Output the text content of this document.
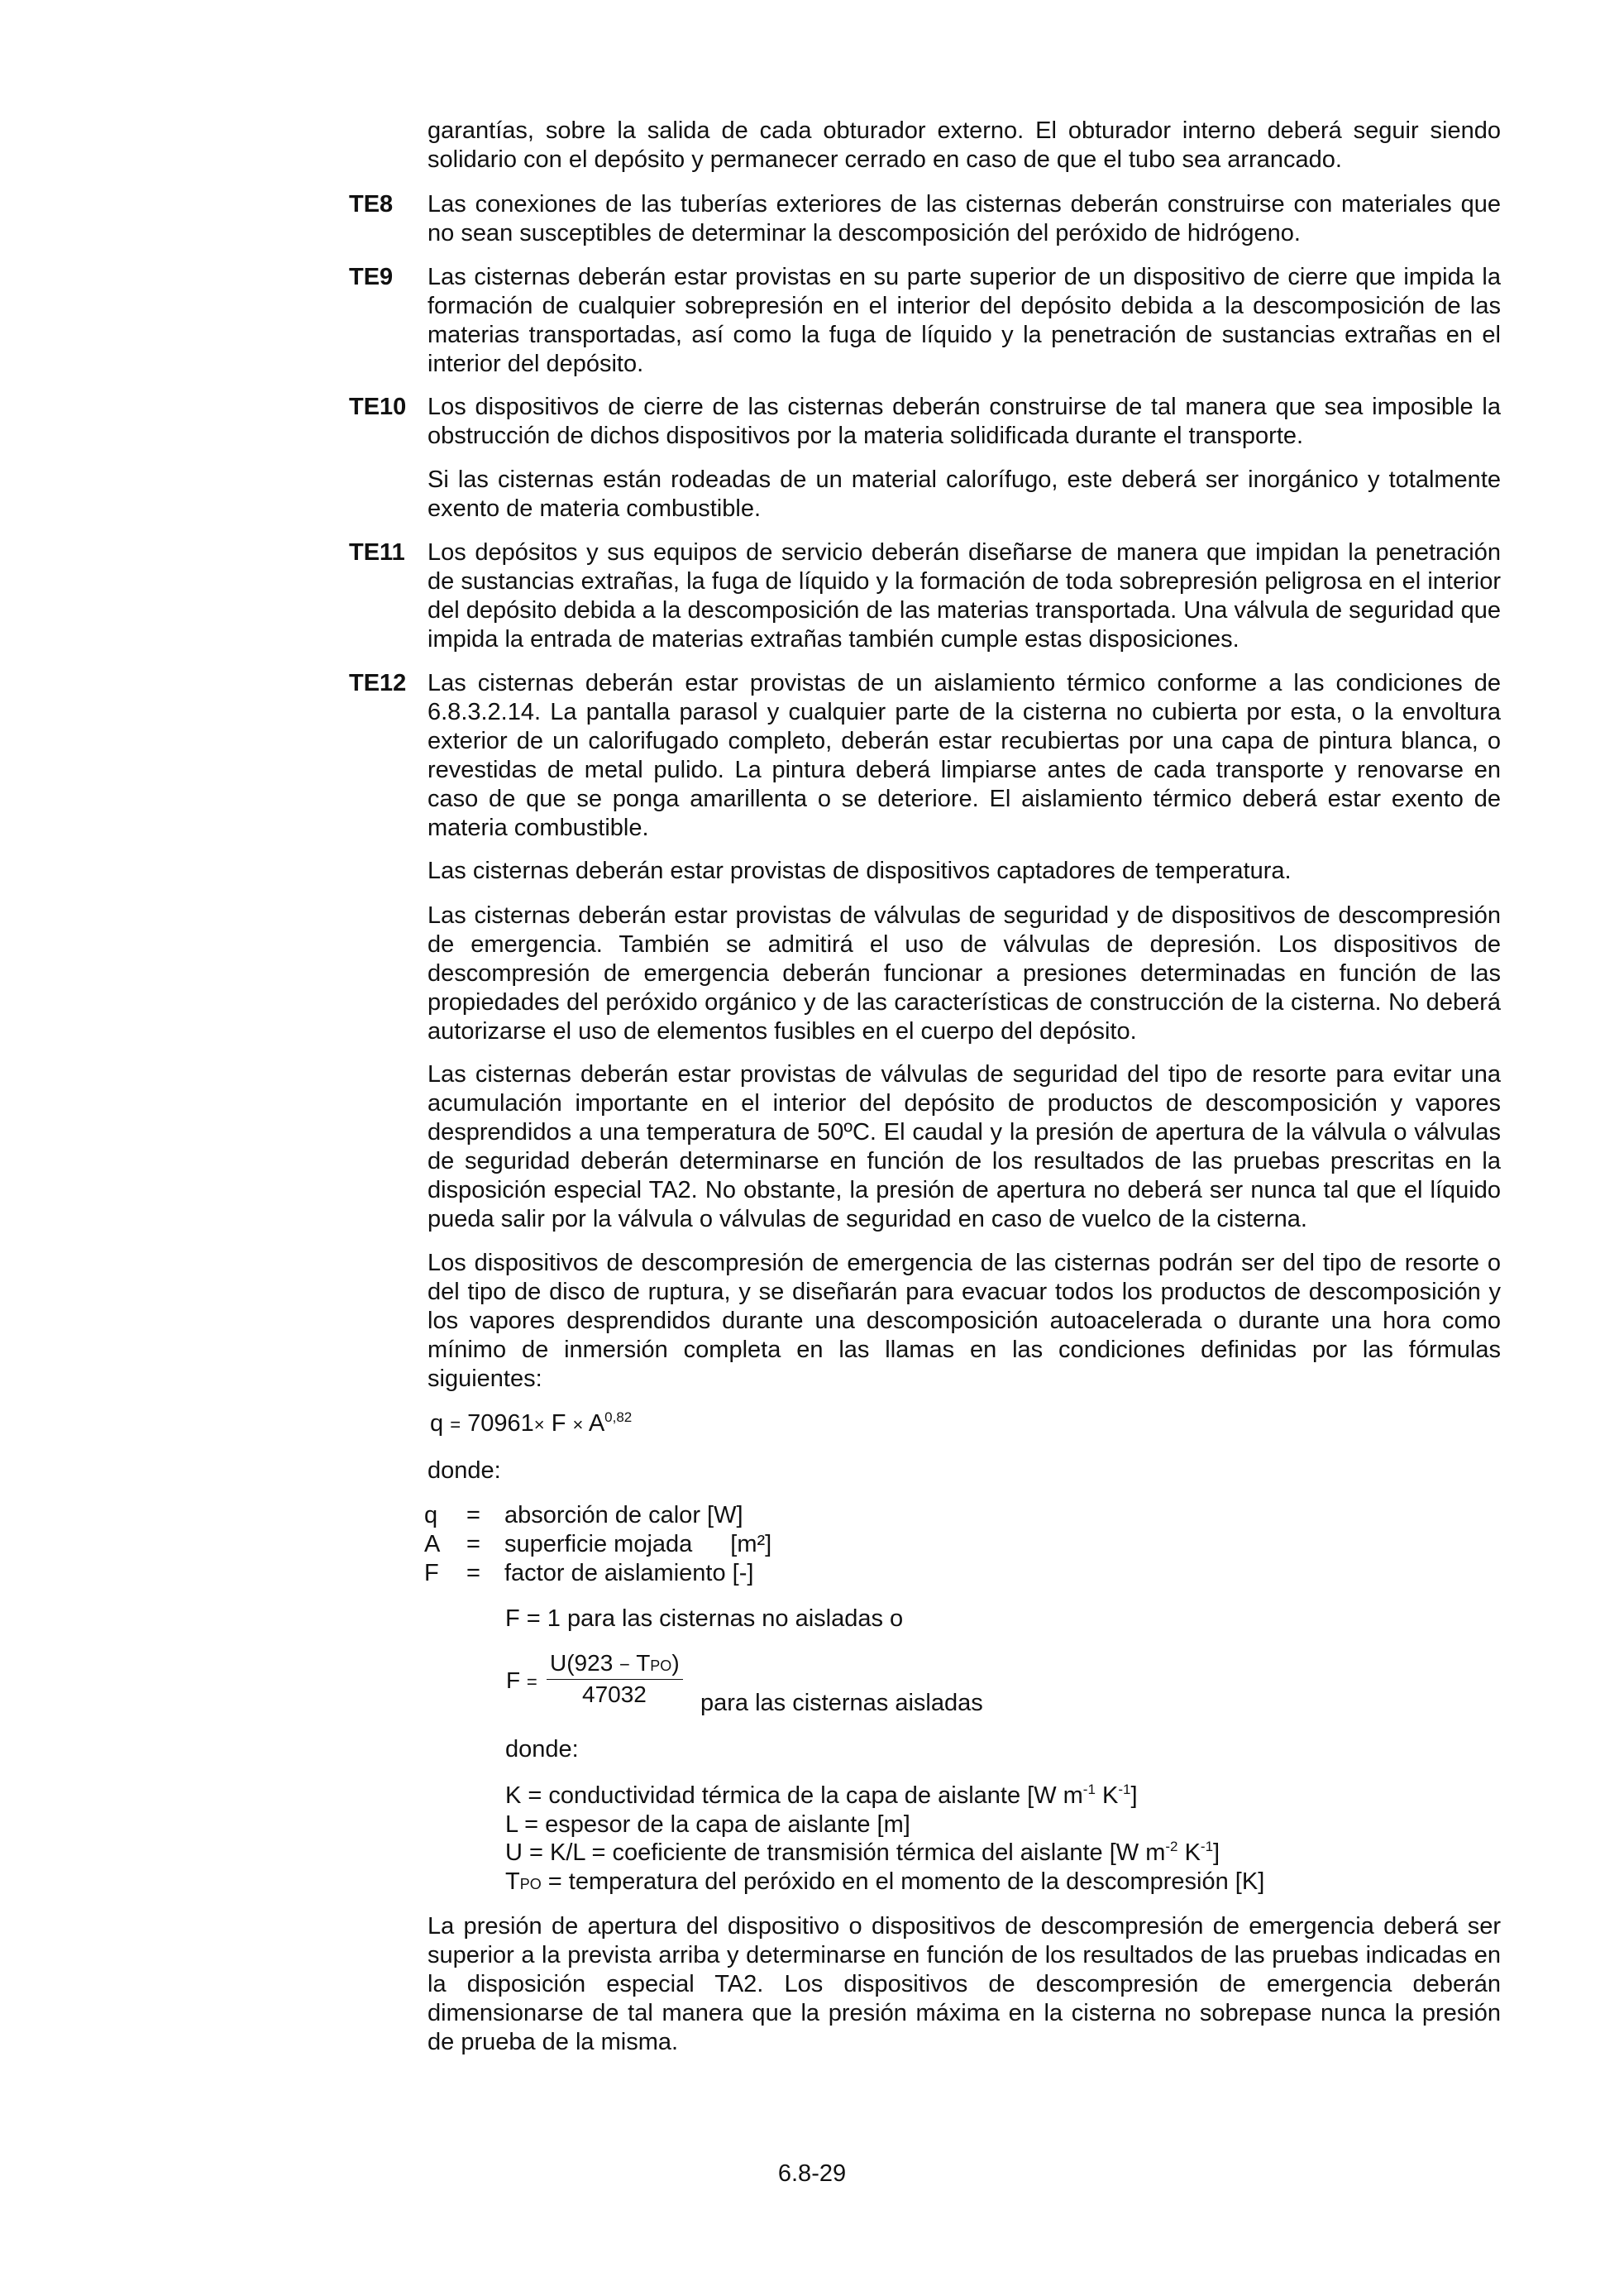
garantías, sobre la salida de cada obturador externo. El obturador interno deberá seguir siendo solidario con el depósito y permanecer cerrado en caso de que el tubo sea arrancado.

TE8 Las conexiones de las tuberías exteriores de las cisternas deberán construirse con materiales que no sean susceptibles de determinar la descomposición del peróxido de hidrógeno.

TE9 Las cisternas deberán estar provistas en su parte superior de un dispositivo de cierre que impida la formación de cualquier sobrepresión en el interior del depósito debida a la descomposición de las materias transportadas, así como la fuga de líquido y la penetración de sustancias extrañas en el interior del depósito.

TE10 Los dispositivos de cierre de las cisternas deberán construirse de tal manera que sea imposible la obstrucción de dichos dispositivos por la materia solidificada durante el transporte.

Si las cisternas están rodeadas de un material calorífugo, este deberá ser inorgánico y totalmente exento de materia combustible.

TE11 Los depósitos y sus equipos de servicio deberán diseñarse de manera que impidan la penetración de sustancias extrañas, la fuga de líquido y la formación de toda sobrepresión peligrosa en el interior del depósito debida a la descomposición de las materias transportada. Una válvula de seguridad que impida la entrada de materias extrañas también cumple estas disposiciones.

TE12 Las cisternas deberán estar provistas de un aislamiento térmico conforme a las condiciones de 6.8.3.2.14. La pantalla parasol y cualquier parte de la cisterna no cubierta por esta, o la envoltura exterior de un calorifugado completo, deberán estar recubiertas por una capa de pintura blanca, o revestidas de metal pulido. La pintura deberá limpiarse antes de cada transporte y renovarse en caso de que se ponga amarillenta o se deteriore. El aislamiento térmico deberá estar exento de materia combustible.

Las cisternas deberán estar provistas de dispositivos captadores de temperatura.

Las cisternas deberán estar provistas de válvulas de seguridad y de dispositivos de descompresión de emergencia. También se admitirá el uso de válvulas de depresión. Los dispositivos de descompresión de emergencia deberán funcionar a presiones determinadas en función de las propiedades del peróxido orgánico y de las características de construcción de la cisterna. No deberá autorizarse el uso de elementos fusibles en el cuerpo del depósito.

Las cisternas deberán estar provistas de válvulas de seguridad del tipo de resorte para evitar una acumulación importante en el interior del depósito de productos de descomposición y vapores desprendidos a una temperatura de 50ºC. El caudal y la presión de apertura de la válvula o válvulas de seguridad deberán determinarse en función de los resultados de las pruebas prescritas en la disposición especial TA2. No obstante, la presión de apertura no deberá ser nunca tal que el líquido pueda salir por la válvula o válvulas de seguridad en caso de vuelco de la cisterna.

Los dispositivos de descompresión de emergencia de las cisternas podrán ser del tipo de resorte o del tipo de disco de ruptura, y se diseñarán para evacuar todos los productos de descomposición y los vapores desprendidos durante una descomposición autoacelerada o durante una hora como mínimo de inmersión completa en las llamas en las condiciones definidas por las fórmulas siguientes:

q = 70961× F × A$^{0,82}$
donde:
q	=	absorción de calor [W]
A	=	superficie mojada [m²]
F	=	factor de aislamiento [-]
F = 1 para las cisternas no aisladas o
F =
U(923 − TPO)
47032 para las cisternas aisladas
donde:
K = conductividad térmica de la capa de aislante [W $m^{-1}$ $K^{-1}$]
L = espesor de la capa de aislante [m]
U = K/L = coeficiente de transmisión térmica del aislante [W $m^{-2}$ $K^{-1}$]
TPO = temperatura del peróxido en el momento de la descompresión [K]

La presión de apertura del dispositivo o dispositivos de descompresión de emergencia deberá ser superior a la prevista arriba y determinarse en función de los resultados de las pruebas indicadas en la disposición especial TA2. Los dispositivos de descompresión de emergencia deberán dimensionarse de tal manera que la presión máxima en la cisterna no sobrepase nunca la presión de prueba de la misma.

6.8-29
